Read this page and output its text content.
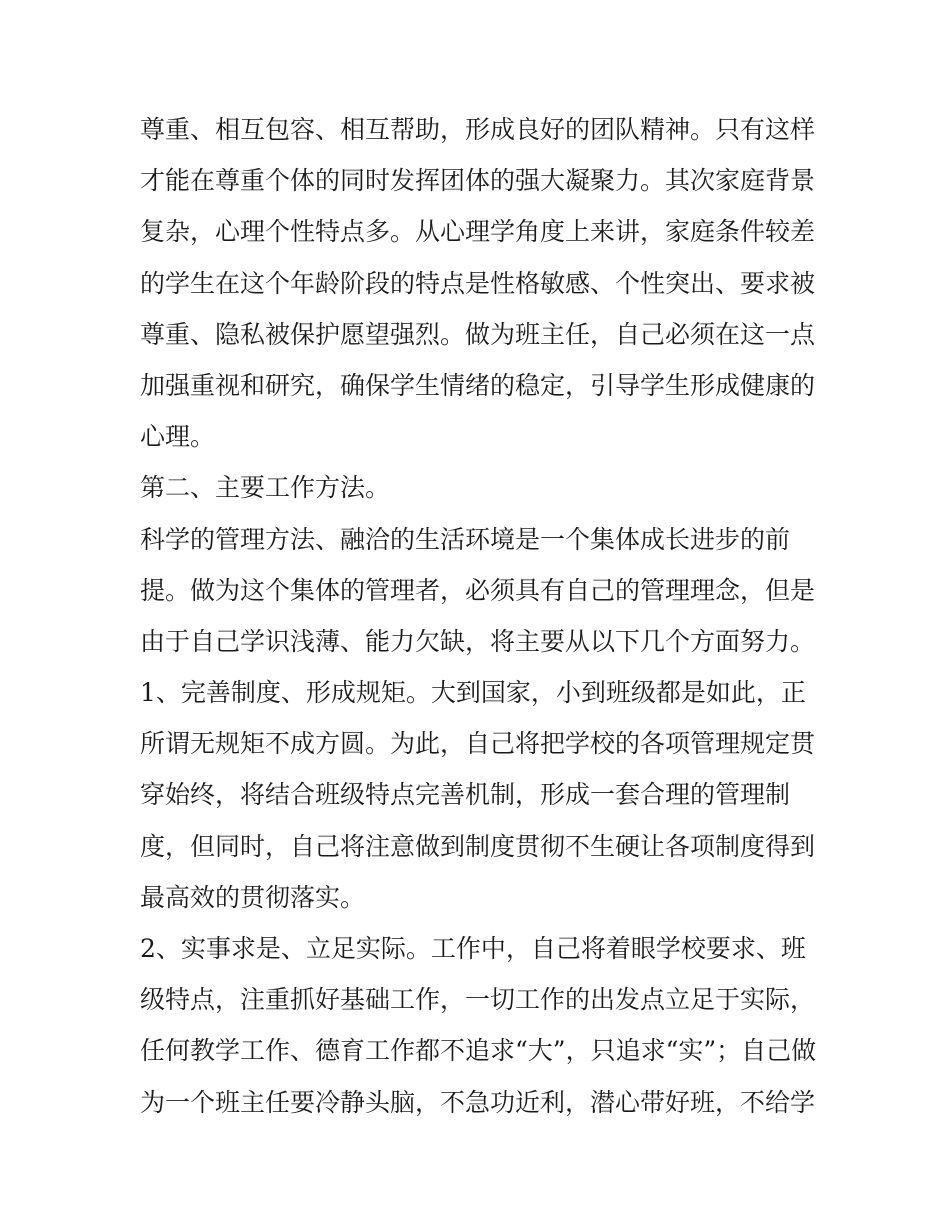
尊重、相互包容、相互帮助，形成良好的团队精神。只有这样
才能在尊重个体的同时发挥团体的强大凝聚力。其次家庭背景
复杂，心理个性特点多。从心理学角度上来讲，家庭条件较差
的学生在这个年龄阶段的特点是性格敏感、个性突出、要求被
尊重、隐私被保护愿望强烈。做为班主任，自己必须在这一点
加强重视和研究，确保学生情绪的稳定，引导学生形成健康的
心理。
第二、主要工作方法。
科学的管理方法、融洽的生活环境是一个集体成长进步的前
提。做为这个集体的管理者，必须具有自己的管理理念，但是
由于自己学识浅薄、能力欠缺，将主要从以下几个方面努力。
1、完善制度、形成规矩。大到国家，小到班级都是如此，正
所谓无规矩不成方圆。为此，自己将把学校的各项管理规定贯
穿始终，将结合班级特点完善机制，形成一套合理的管理制
度，但同时，自己将注意做到制度贯彻不生硬让各项制度得到
最高效的贯彻落实。
2、实事求是、立足实际。工作中，自己将着眼学校要求、班
级特点，注重抓好基础工作，一切工作的出发点立足于实际，
任何教学工作、德育工作都不追求“大”，只追求“实”；自己做
为一个班主任要冷静头脑，不急功近利，潜心带好班，不给学
